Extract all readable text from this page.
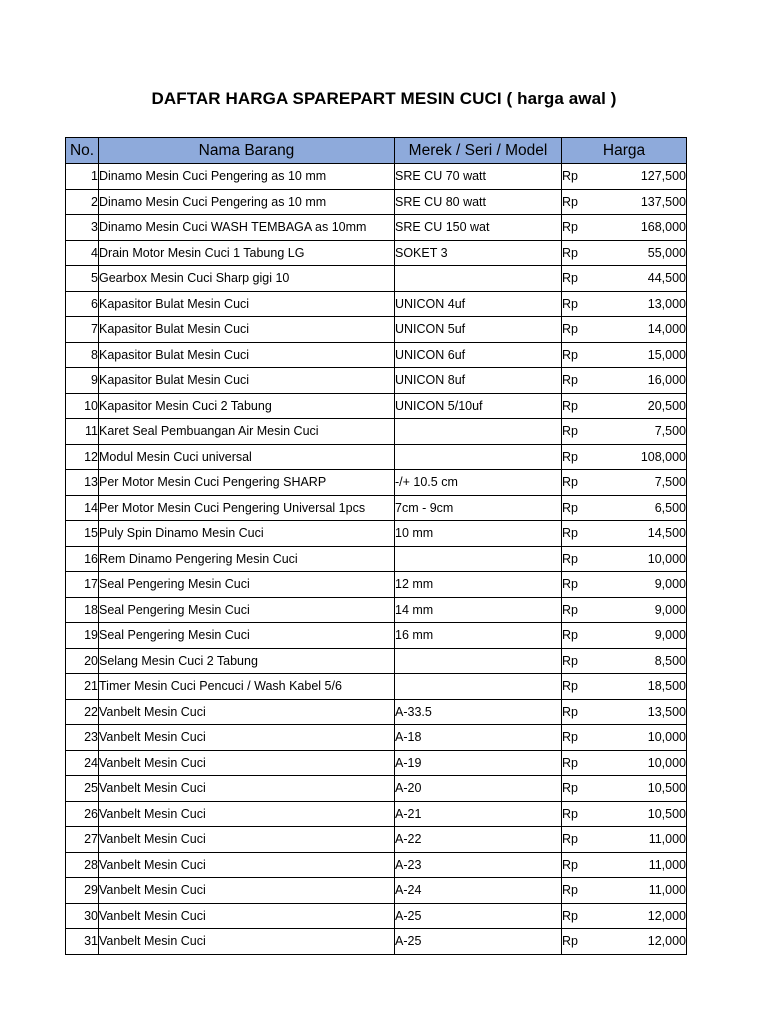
DAFTAR HARGA SPAREPART MESIN CUCI ( harga awal )
No.	Nama Barang	Merek / Seri / Model	Harga
1	Dinamo Mesin Cuci Pengering as 10 mm	SRE CU 70 watt	Rp 127,500

2	Dinamo Mesin Cuci Pengering as 10 mm	SRE CU 80 watt	Rp 137,500

3	Dinamo Mesin Cuci WASH TEMBAGA as 10mm	SRE CU 150 wat	Rp 168,000

4	Drain Motor Mesin Cuci 1 Tabung LG	SOKET 3	Rp 55,000

5	Gearbox Mesin Cuci Sharp gigi 10		Rp 44,500

6	Kapasitor Bulat Mesin Cuci	UNICON 4uf	Rp 13,000

7	Kapasitor Bulat Mesin Cuci	UNICON 5uf	Rp 14,000

8	Kapasitor Bulat Mesin Cuci	UNICON 6uf	Rp 15,000

9	Kapasitor Bulat Mesin Cuci	UNICON 8uf	Rp 16,000

10	Kapasitor Mesin Cuci 2 Tabung	UNICON 5/10uf	Rp 20,500

11	Karet Seal Pembuangan Air Mesin Cuci		Rp 7,500

12	Modul Mesin Cuci universal		Rp 108,000

13	Per Motor Mesin Cuci Pengering SHARP	-/+ 10.5 cm	Rp 7,500

14	Per Motor Mesin Cuci Pengering Universal 1pcs	7cm - 9cm	Rp 6,500

15	Puly Spin Dinamo Mesin Cuci	10 mm	Rp 14,500

16	Rem Dinamo Pengering Mesin Cuci		Rp 10,000

17	Seal Pengering Mesin Cuci	12 mm	Rp 9,000

18	Seal Pengering Mesin Cuci	14 mm	Rp 9,000

19	Seal Pengering Mesin Cuci	16 mm	Rp 9,000

20	Selang Mesin Cuci 2 Tabung		Rp 8,500

21	Timer Mesin Cuci Pencuci / Wash Kabel 5/6		Rp 18,500

22	Vanbelt Mesin Cuci	A-33.5	Rp 13,500

23	Vanbelt Mesin Cuci	A-18	Rp 10,000

24	Vanbelt Mesin Cuci	A-19	Rp 10,000

25	Vanbelt Mesin Cuci	A-20	Rp 10,500

26	Vanbelt Mesin Cuci	A-21	Rp 10,500

27	Vanbelt Mesin Cuci	A-22	Rp 11,000

28	Vanbelt Mesin Cuci	A-23	Rp 11,000

29	Vanbelt Mesin Cuci	A-24	Rp 11,000

30	Vanbelt Mesin Cuci	A-25	Rp 12,000

31	Vanbelt Mesin Cuci	A-25	Rp 12,000
